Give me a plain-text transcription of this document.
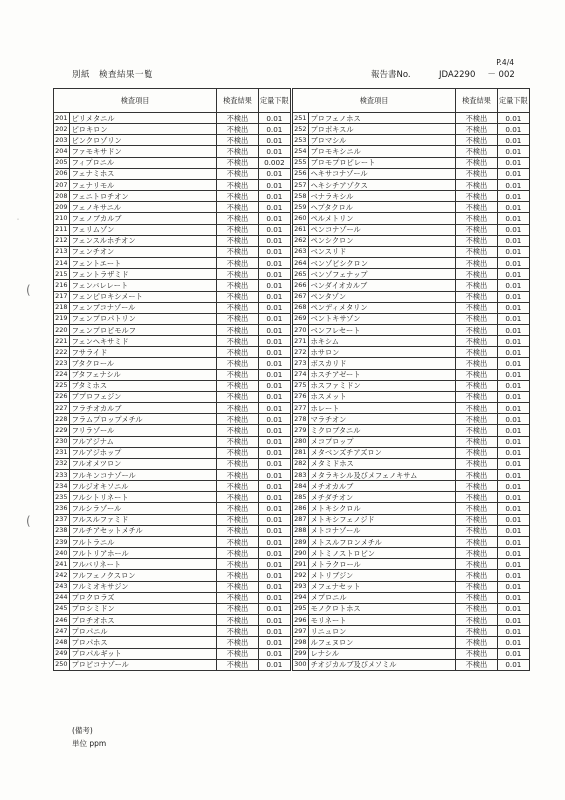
P.4/4
別紙　検査結果一覧	報告書No.	JDA2290 － 002
検査項目		検査結果	定量下限
201	ピリメタニル	不検出	0.01
202	ピロキロン	不検出	0.01
203	ビンクロゾリン	不検出	0.01
204	ファモキサドン	不検出	0.01
205	フィプロニル	不検出	0.002
206	フェナミホス	不検出	0.01
207	フェナリモル	不検出	0.01
208	フェニトロチオン	不検出	0.01
209	フェノキサニル	不検出	0.01
210	フェノブカルブ	不検出	0.01
211	フェリムゾン	不検出	0.01
212	フェンスルホチオン	不検出	0.01
213	フェンチオン	不検出	0.01
214	フェントエート	不検出	0.01
215	フェントラザミド	不検出	0.01
216	フェンバレレート	不検出	0.01
217	フェンピロキシメート	不検出	0.01
218	フェンブコナゾール	不検出	0.01
219	フェンプロパトリン	不検出	0.01
220	フェンプロピモルフ	不検出	0.01
221	フェンヘキサミド	不検出	0.01
222	フサライド	不検出	0.01
223	ブタクロール	不検出	0.01
224	ブタフェナシル	不検出	0.01
225	ブタミホス	不検出	0.01
226	ブプロフェジン	不検出	0.01
227	フラチオカルブ	不検出	0.01
228	フラムプロップメチル	不検出	0.01
229	フリラゾール	不検出	0.01
230	フルアジナム	不検出	0.01
231	フルアジホップ	不検出	0.01
232	フルオメツロン	不検出	0.01
233	フルキンコナゾール	不検出	0.01
234	フルジオキソニル	不検出	0.01
235	フルシトリネート	不検出	0.01
236	フルシラゾール	不検出	0.01
237	フルスルファミド	不検出	0.01
238	フルチアセットメチル	不検出	0.01
239	フルトラニル	不検出	0.01
240	フルトリアホール	不検出	0.01
241	フルバリネート	不検出	0.01
242	フルフェノクスロン	不検出	0.01
243	フルミオキサジン	不検出	0.01
244	プロクロラズ	不検出	0.01
245	プロシミドン	不検出	0.01
246	プロチオホス	不検出	0.01
247	プロパニル	不検出	0.01
248	プロパホス	不検出	0.01
249	プロパルギット	不検出	0.01
250	プロピコナゾール	不検出	0.01
検査項目		検査結果	定量下限
251	プロフェノホス	不検出	0.01
252	プロポキスル	不検出	0.01
253	ブロマシル	不検出	0.01
254	ブロモキシニル	不検出	0.01
255	ブロモプロピレート	不検出	0.01
256	ヘキサコナゾール	不検出	0.01
257	ヘキシチアゾクス	不検出	0.01
258	ベナラキシル	不検出	0.01
259	ヘプタクロル	不検出	0.01
260	ペルメトリン	不検出	0.01
261	ペンコナゾール	不検出	0.01
262	ペンシクロン	不検出	0.01
263	ベンスリド	不検出	0.01
264	ベンゾビシクロン	不検出	0.01
265	ベンゾフェナップ	不検出	0.01
266	ベンダイオカルブ	不検出	0.01
267	ペンタゾン	不検出	0.01
268	ペンディメタリン	不検出	0.01
269	ベントキサゾン	不検出	0.01
270	ベンフレセート	不検出	0.01
271	ホキシム	不検出	0.01
272	ホサロン	不検出	0.01
273	ボスカリド	不検出	0.01
274	ホスチアゼート	不検出	0.01
275	ホスファミドン	不検出	0.01
276	ホスメット	不検出	0.01
277	ホレート	不検出	0.01
278	マラチオン	不検出	0.01
279	ミクロブタニル	不検出	0.01
280	メコプロップ	不検出	0.01
281	メタベンズチアズロン	不検出	0.01
282	メタミドホス	不検出	0.01
283	メタラキシル及びメフェノキサム	不検出	0.01
284	メチオカルブ	不検出	0.01
285	メチダチオン	不検出	0.01
286	メトキシクロル	不検出	0.01
287	メトキシフェノジド	不検出	0.01
288	メトコナゾール	不検出	0.01
289	メトスルフロンメチル	不検出	0.01
290	メトミノストロビン	不検出	0.01
291	メトラクロール	不検出	0.01
292	メトリブジン	不検出	0.01
293	メフェナセット	不検出	0.01
294	メプロニル	不検出	0.01
295	モノクロトホス	不検出	0.01
296	モリネート	不検出	0.01
297	リニュロン	不検出	0.01
298	ルフェヌロン	不検出	0.01
299	レナシル	不検出	0.01
300	チオジカルブ及びメソミル	不検出	0.01
(備考)
単位 ppm
˙
(
(
